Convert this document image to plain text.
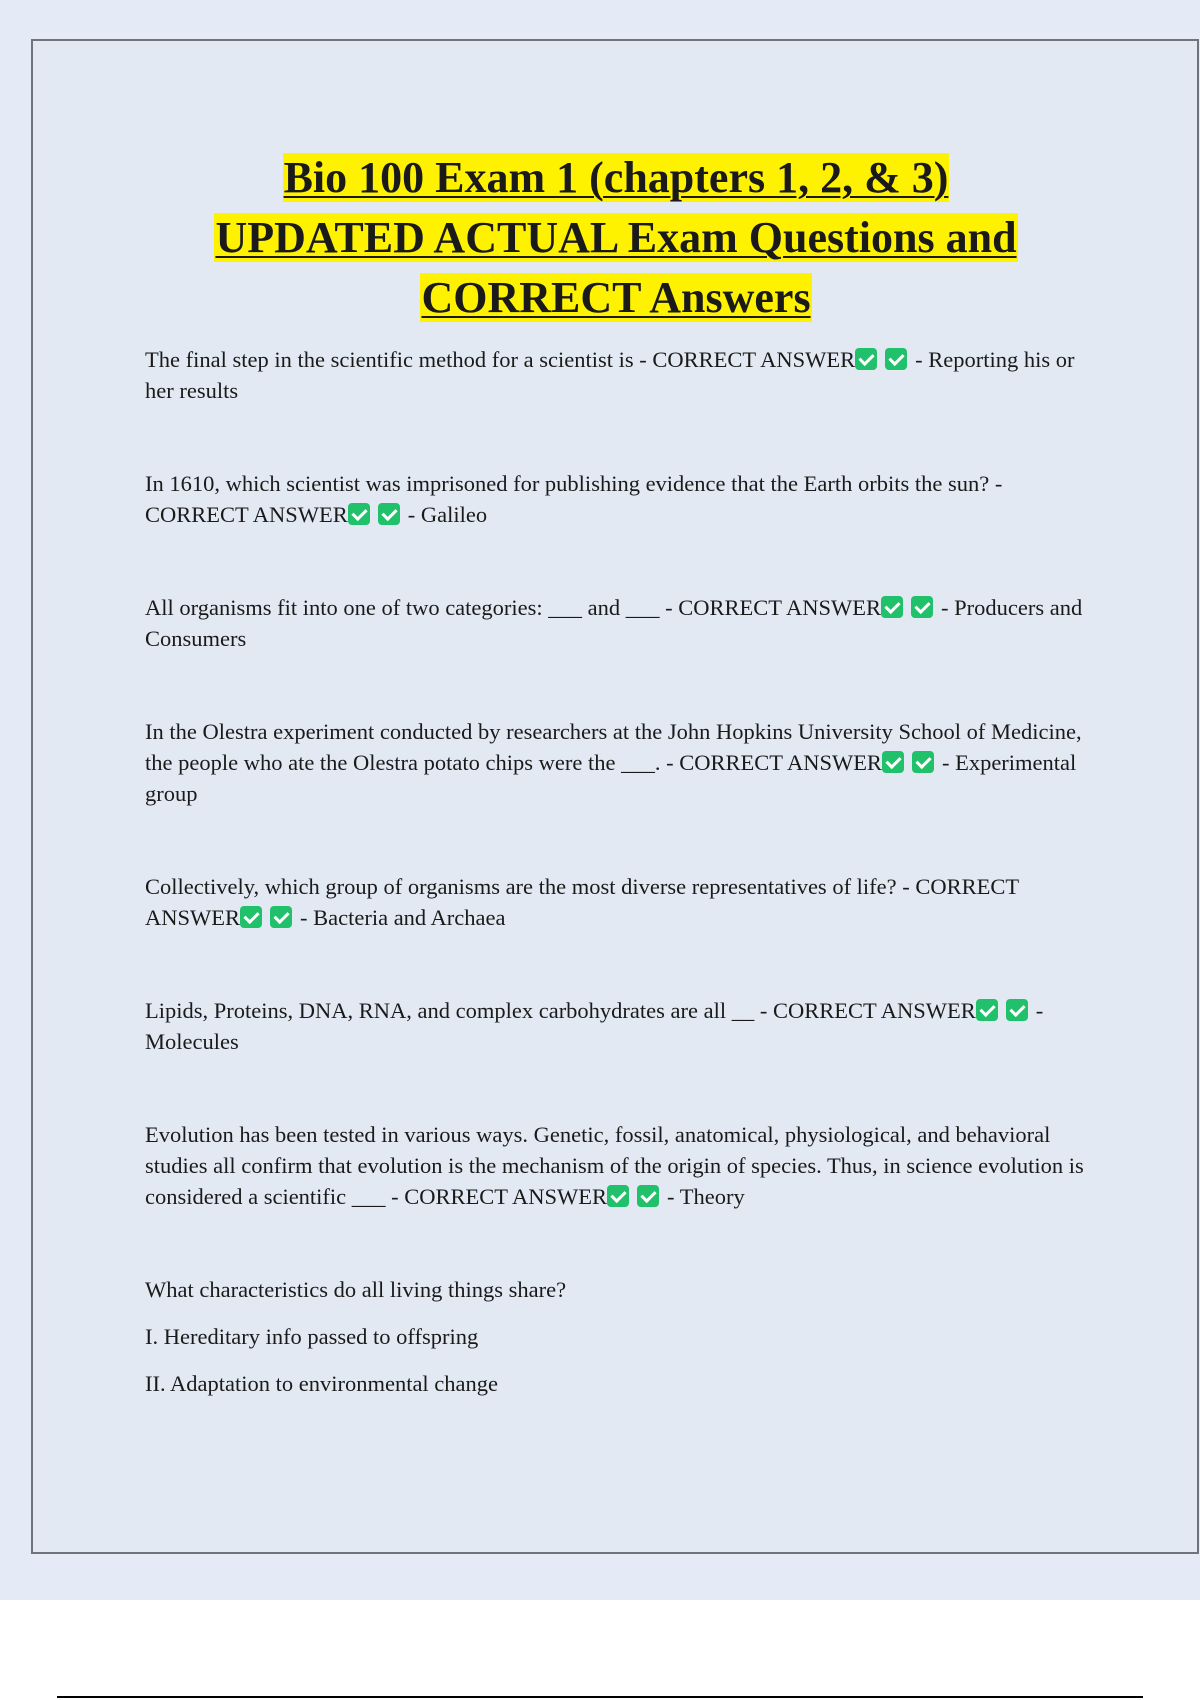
Bio 100 Exam 1 (chapters 1, 2, & 3)
UPDATED ACTUAL Exam Questions and
CORRECT Answers
The final step in the scientific method for a scientist is - CORRECT ANSWER	- Reporting his or her results
In 1610, which scientist was imprisoned for publishing evidence that the Earth orbits the sun? - CORRECT ANSWER	- Galileo
All organisms fit into one of two categories: ___ and ___ - CORRECT ANSWER	- Producers and Consumers
In the Olestra experiment conducted by researchers at the John Hopkins University School of Medicine, the people who ate the Olestra potato chips were the ___. - CORRECT ANSWER	- Experimental group
Collectively, which group of organisms are the most diverse representatives of life? - CORRECT ANSWER	- Bacteria and Archaea
Lipids, Proteins, DNA, RNA, and complex carbohydrates are all __ - CORRECT ANSWER	- Molecules
Evolution has been tested in various ways. Genetic, fossil, anatomical, physiological, and behavioral studies all confirm that evolution is the mechanism of the origin of species. Thus, in science evolution is considered a scientific ___ - CORRECT ANSWER	- Theory
What characteristics do all living things share?
I. Hereditary info passed to offspring
II. Adaptation to environmental change
